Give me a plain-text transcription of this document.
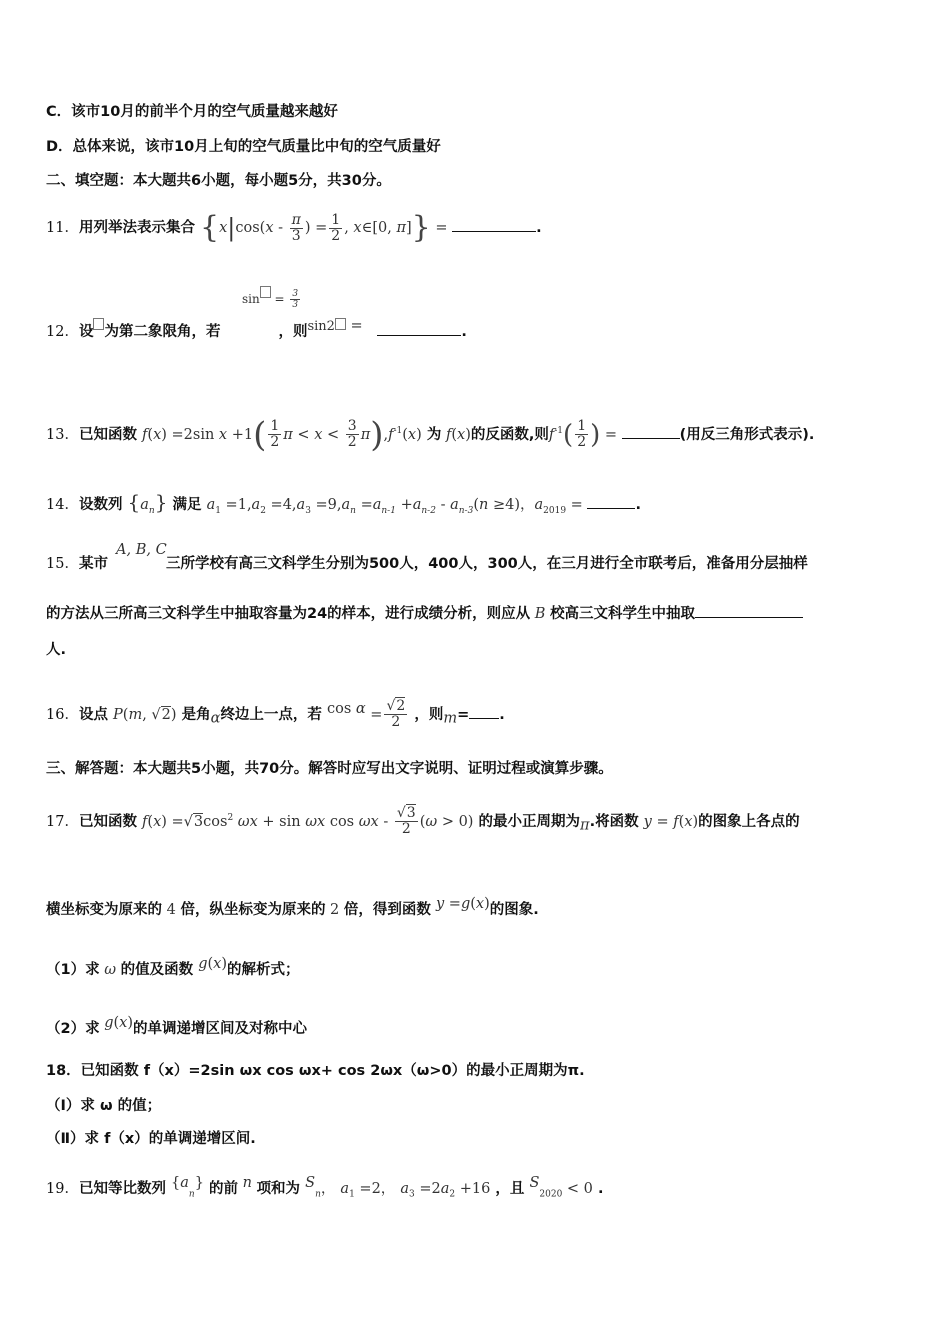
C．该市10月的前半个月的空气质量越来越好
D．总体来说，该市10月上旬的空气质量比中旬的空气质量好
二、填空题：本大题共6小题，每小题5分，共30分。
11．用列举法表示集合 {$x|\cos(x - \frac{\pi}{3}$ ) = $\frac{1}{2}$ , x∈[0, π]} =	.
$\sin = \frac{3}{3}$
12．设 为第二象限角，若	，则sin2 =	.
13．已知函数 f(x) =2sin $x +1( \frac{1}{2}$ $\pi < x < \frac{3}{2} \pi),f^{-1}(x)$ 为 f(x)的反函数,则$f^{-1}( \frac{1}{2}$ ) =	(用反三角形式表示).
14．设数列 $\{a_n\}$ 满足 $a_1 =1,a_2 =4,a_3 =9,a_n =a_{n-1} +a_{n-2} - a_{n-3}(n \ge 4)$，$a_{2019}$ =	.
A, B, C
15．某市	三所学校有高三文科学生分别为500人，400人，300人，在三月进行全市联考后，准备用分层抽样
的方法从三所高三文科学生中抽取容量为24的样本，进行成绩分析，则应从 B 校高三文科学生中抽取
人.
16．设点 P(m, √2) 是角α终边上一点，若 $\cos \alpha = \frac{√2}{2}$ ，则m= .
三、解答题：本大题共5小题，共70分。解答时应写出文字说明、证明过程或演算步骤。
17．已知函数 $f(x) =√3\cos^2$ ωx + sin ωx $\cos \omega x - \frac{√3}{2} (\omega > 0)$ 的最小正周期为π.将函数 y = f(x)的图象上各点的
横坐标变为原来的 4 倍，纵坐标变为原来的 2 倍，得到函数 y =g(x)的图象.
（1）求 ω 的值及函数 g(x)的解析式；
（2）求 g(x)的单调递增区间及对称中心
18．已知函数 f（x）=2sin ωx cos ωx+ cos 2ωx（ω>0）的最小正周期为π.
（Ⅰ）求 ω 的值；
（Ⅱ）求 f（x）的单调递增区间.
19．已知等比数列 $\{a_n\}$ 的前 n 项和为 $S_n$， $a_1 =2$， $a_3 =2a_2 +16$ ，且 $S_{2020} < 0$ .
